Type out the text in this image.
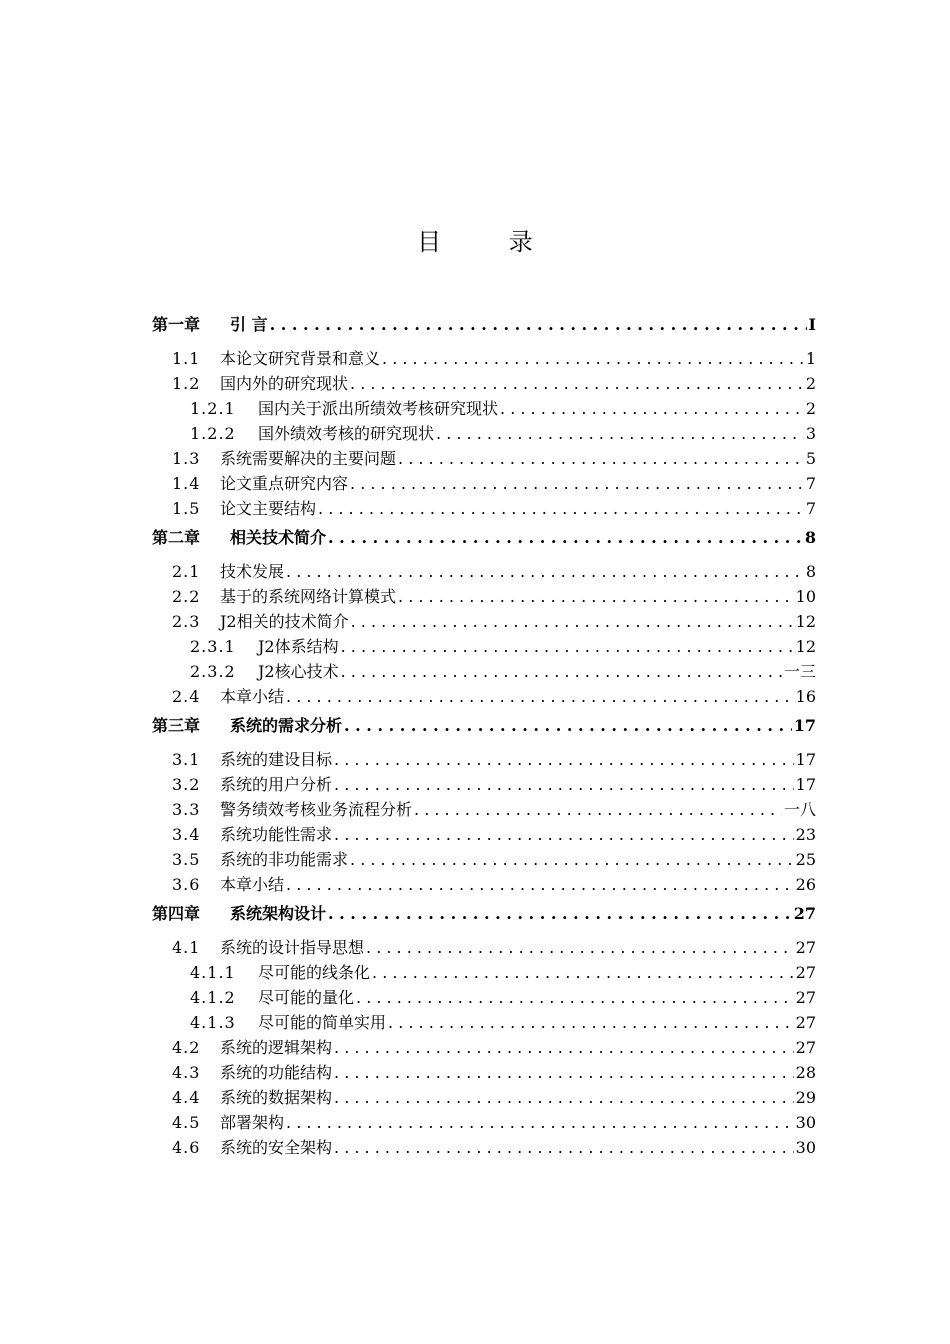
目 录
第一章	引 言 . . .	I
1.1	本论文研究背景和意义 . . .	1
1.2	国内外的研究现状 . . .	2
1.2.1	国内关于派出所绩效考核研究现状 . . .	2
1.2.2	国外绩效考核的研究现状 . . .	3
1.3	系统需要解决的主要问题 . . .	5
1.4	论文重点研究内容 . . .	7
1.5	论文主要结构 . . .	7
第二章	相关技术简介 . . .	8
2.1	技术发展 . . .	8
2.2	基于的系统网络计算模式 . . .	10
2.3	J2相关的技术简介 . . .	12
2.3.1	J2体系结构 . . .	12
2.3.2	J2核心技术 . . .	一三
2.4	本章小结 . . .	16
第三章	系统的需求分析 . . .	17
3.1	系统的建设目标 . . .	17
3.2	系统的用户分析 . . .	17
3.3	警务绩效考核业务流程分析 . . .	一八
3.4	系统功能性需求 . . .	23
3.5	系统的非功能需求 . . .	25
3.6	本章小结 . . .	26
第四章	系统架构设计 . . .	27
4.1	系统的设计指导思想 . . .	27
4.1.1	尽可能的线条化 . . .	27
4.1.2	尽可能的量化 . . .	27
4.1.3	尽可能的简单实用 . . .	27
4.2	系统的逻辑架构 . . .	27
4.3	系统的功能结构 . . .	28
4.4	系统的数据架构 . . .	29
4.5	部署架构 . . .	30
4.6	系统的安全架构 . . .	30
